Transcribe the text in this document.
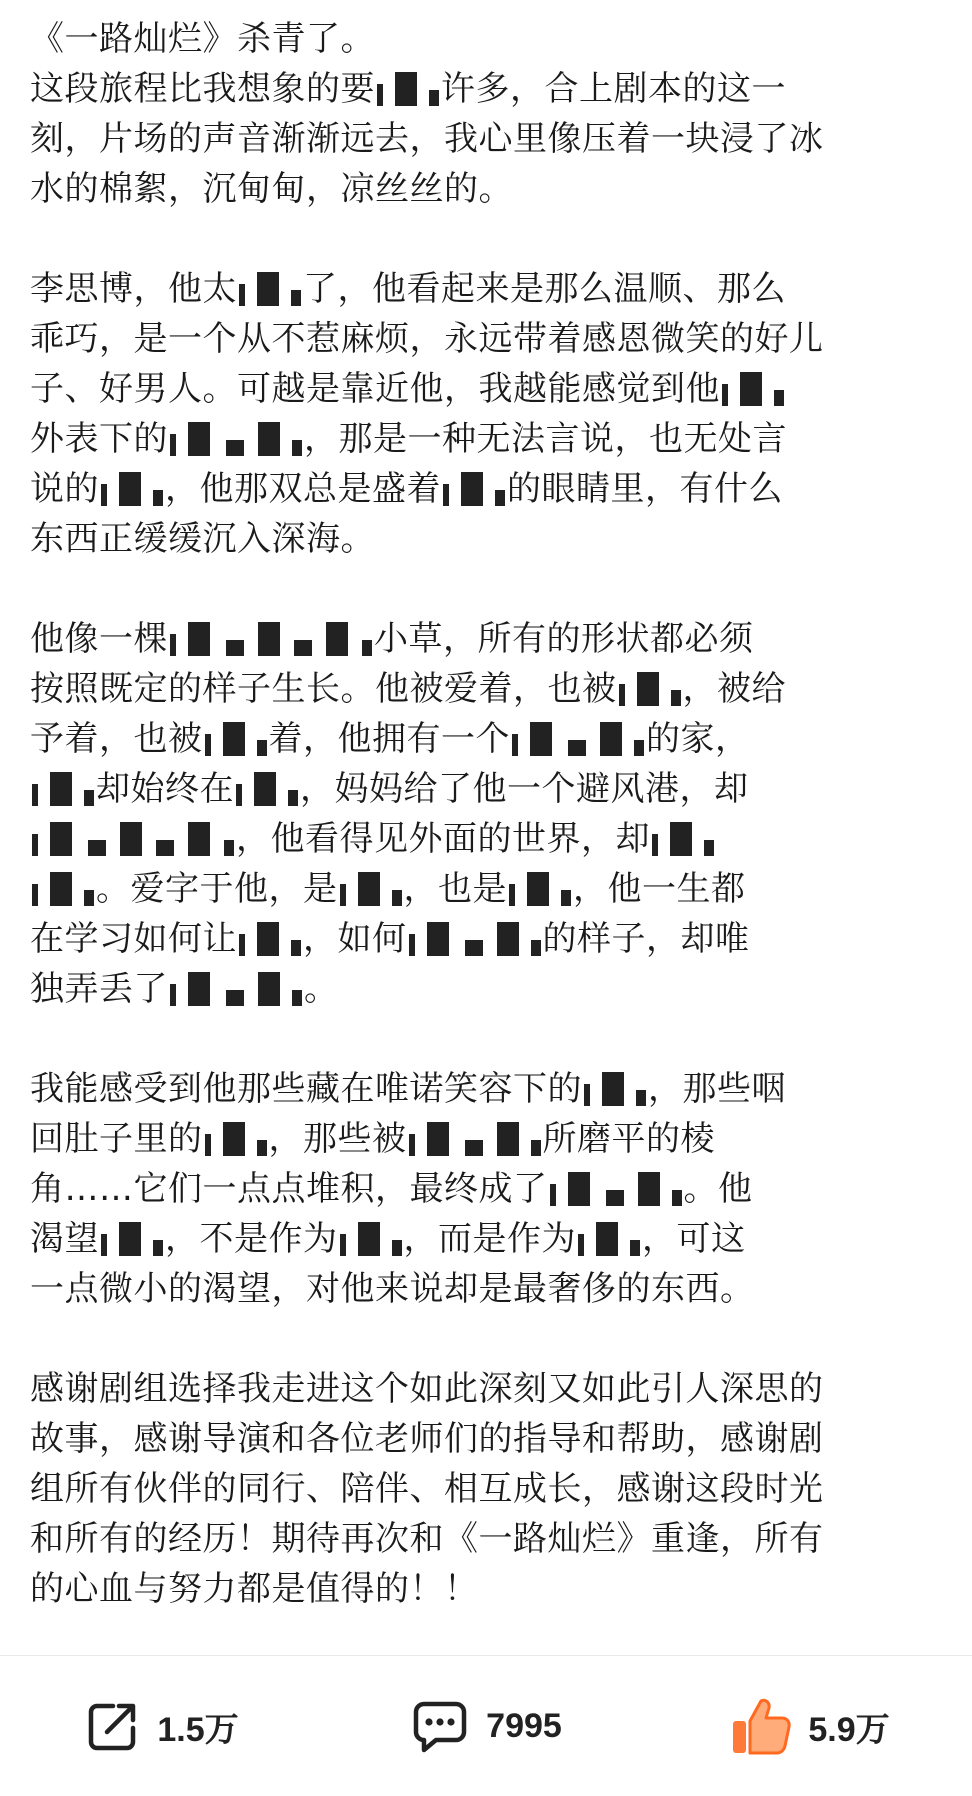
《一路灿烂》杀青了。
这段旅程比我想象的要 许多，合上剧本的这一
刻，片场的声音渐渐远去，我心里像压着一块浸了冰
水的棉絮，沉甸甸，凉丝丝的。
李思博，他太 了，他看起来是那么温顺、那么
乖巧，是一个从不惹麻烦，永远带着感恩微笑的好儿
子、好男人。可越是靠近他，我越能感觉到他
外表下的	，那是一种无法言说，也无处言
说的 ，他那双总是盛着 的眼睛里，有什么
东西正缓缓沉入深海。
他像一棵	小草，所有的形状都必须
按照既定的样子生长。他被爱着，也被 ，被给
予着，也被 着，他拥有一个	的家，
却始终在 ，妈妈给了他一个避风港，却
，他看得见外面的世界，却
。爱字于他，是 ，也是 ，他一生都
在学习如何让 ，如何	的样子，却唯
独弄丢了	。
我能感受到他那些藏在唯诺笑容下的 ，那些咽
回肚子里的 ，那些被	所磨平的棱
角……它们一点点堆积，最终成了	。他
渴望 ，不是作为 ，而是作为 ，可这
一点微小的渴望，对他来说却是最奢侈的东西。
感谢剧组选择我走进这个如此深刻又如此引人深思的
故事，感谢导演和各位老师们的指导和帮助，感谢剧
组所有伙伴的同行、陪伴、相互成长，感谢这段时光
和所有的经历！期待再次和《一路灿烂》重逢，所有
的心血与努力都是值得的！！
1.5万	7995	5.9万
